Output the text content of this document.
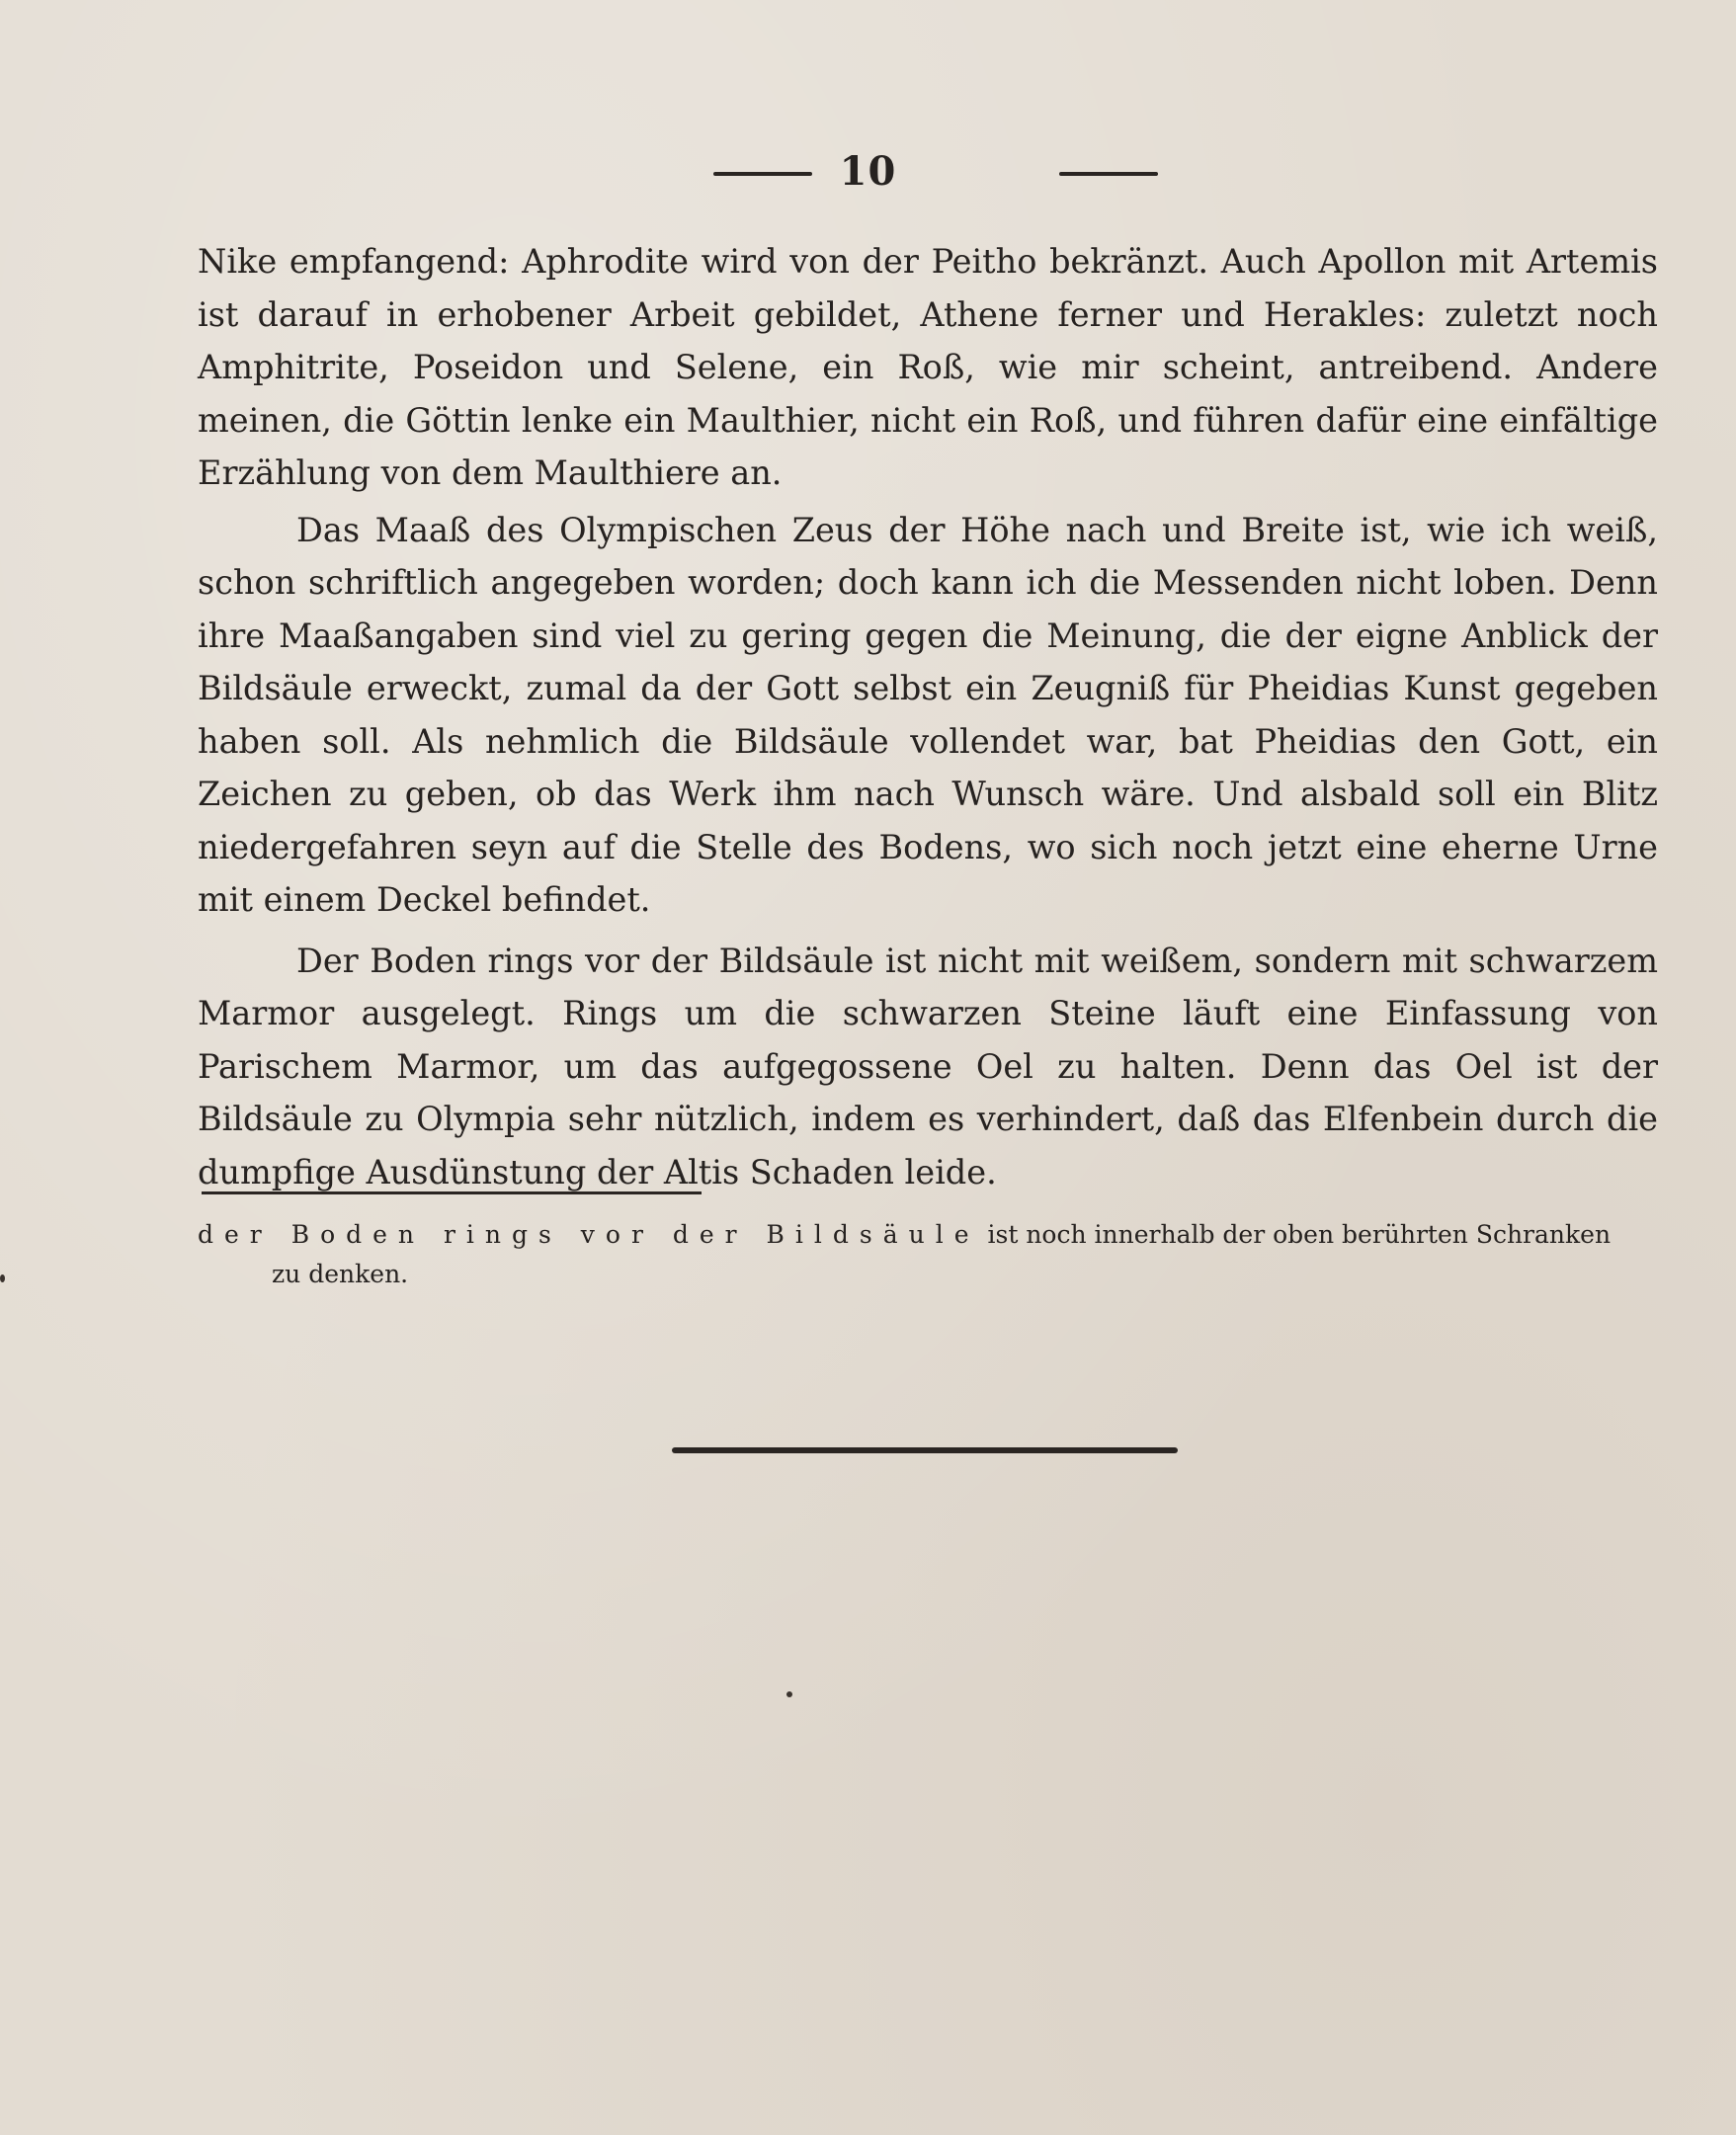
10

Nike empfangend: Aphrodite wird von der Peitho bekränzt. Auch Apollon mit Artemis ist darauf in erhobener Arbeit gebildet, Athene ferner und Herakles: zuletzt noch Amphitrite, Poseidon und Selene, ein Roß, wie mir scheint, antreibend. Andere meinen, die Göttin lenke ein Maulthier, nicht ein Roß, und führen dafür eine einfältige Erzählung von dem Maulthiere an.

Das Maaß des Olympischen Zeus der Höhe nach und Breite ist, wie ich weiß, schon schriftlich angegeben worden; doch kann ich die Messenden nicht loben. Denn ihre Maaßangaben sind viel zu gering gegen die Meinung, die der eigne Anblick der Bildsäule erweckt, zumal da der Gott selbst ein Zeugniß für Pheidias Kunst gegeben haben soll. Als nehmlich die Bildsäule vollendet war, bat Pheidias den Gott, ein Zeichen zu geben, ob das Werk ihm nach Wunsch wäre. Und alsbald soll ein Blitz niedergefahren seyn auf die Stelle des Bodens, wo sich noch jetzt eine eherne Urne mit einem Deckel befindet.

Der Boden rings vor der Bildsäule ist nicht mit weißem, sondern mit schwarzem Marmor ausgelegt. Rings um die schwarzen Steine läuft eine Einfassung von Parischem Marmor, um das aufgegossene Oel zu halten. Denn das Oel ist der Bildsäule zu Olympia sehr nützlich, indem es verhindert, daß das Elfenbein durch die dumpfige Ausdünstung der Altis Schaden leide.

der Boden rings vor der Bildsäule ist noch innerhalb der oben berührten Schranken
zu denken.
